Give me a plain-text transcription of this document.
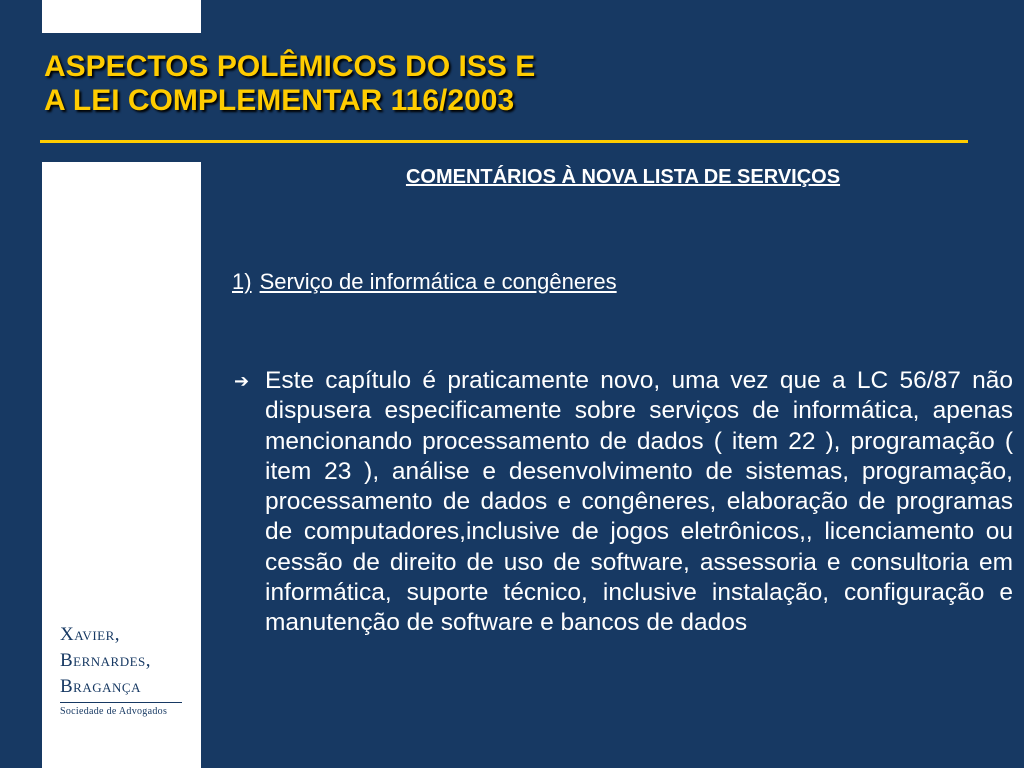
ASPECTOS POLÊMICOS DO ISS E
A LEI COMPLEMENTAR 116/2003
Xavier,
Bernardes,
Bragança
Sociedade de Advogados
COMENTÁRIOS À NOVA LISTA DE SERVIÇOS
1) Serviço de informática e congêneres
➔ Este capítulo é praticamente novo, uma vez que a LC 56/87 não dispusera especificamente sobre serviços de informática, apenas mencionando processamento de dados ( item 22 ), programação ( item 23 ), análise e desenvolvimento de sistemas, programação, processamento de dados e congêneres, elaboração de programas de computadores,inclusive de jogos eletrônicos,, licenciamento ou cessão de direito de uso de software, assessoria e consultoria em informática, suporte técnico, inclusive instalação, configuração e manutenção de software e bancos de dados
